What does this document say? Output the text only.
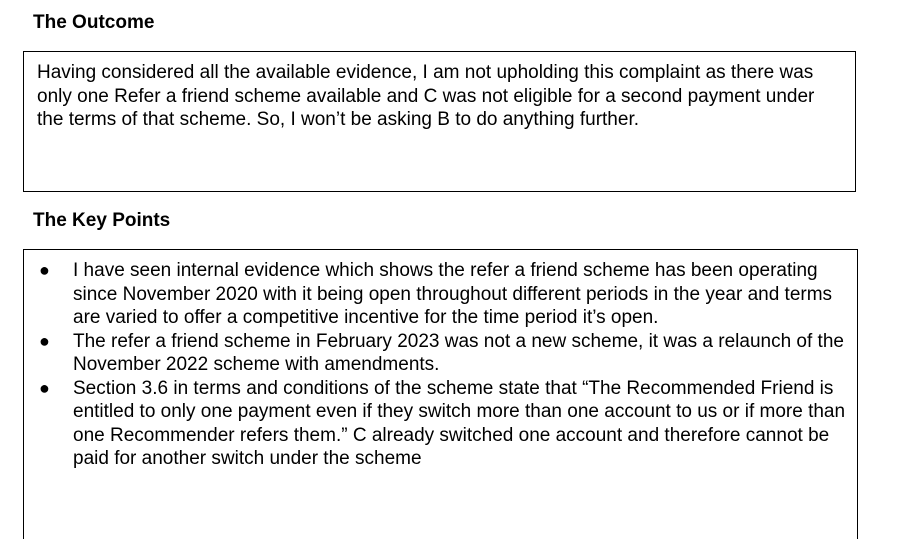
The Outcome

Having considered all the available evidence, I am not upholding this complaint as there was only one Refer a friend scheme available and C was not eligible for a second payment under the terms of that scheme. So, I won’t be asking B to do anything further.

The Key Points
● I have seen internal evidence which shows the refer a friend scheme has been operating since November 2020 with it being open throughout different periods in the year and terms are varied to offer a competitive incentive for the time period it’s open.
● The refer a friend scheme in February 2023 was not a new scheme, it was a relaunch of the November 2022 scheme with amendments.
● Section 3.6 in terms and conditions of the scheme state that “The Recommended Friend is entitled to only one payment even if they switch more than one account to us or if more than one Recommender refers them.” C already switched one account and therefore cannot be paid for another switch under the scheme
